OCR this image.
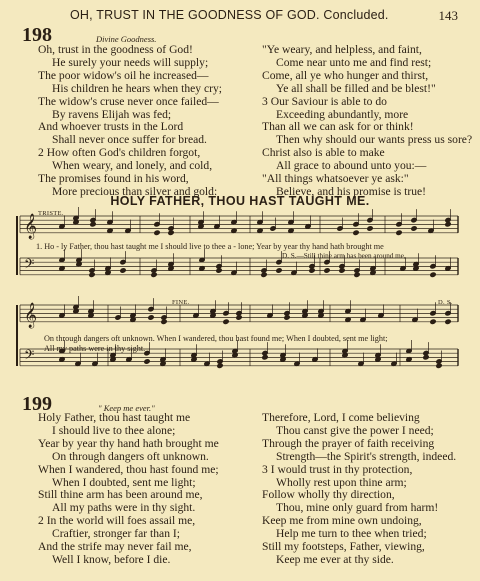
OH, TRUST IN THE GOODNESS OF GOD. Concluded.	143
198	Divine Goodness.
Oh, trust in the goodness of God!
He surely your needs will supply;
The poor widow's oil he increased—
His children he hears when they cry;
The widow's cruse never once failed—
By ravens Elijah was fed;
And whoever trusts in the Lord
Shall never once suffer for bread.
2 How often God's children forgot,
When weary, and lonely, and cold,
The promises found in his word,
More precious than silver and gold:
"Ye weary, and helpless, and faint,
Come near unto me and find rest;
Come, all ye who hunger and thirst,
Ye all shall be filled and be blest!"
3 Our Saviour is able to do
Exceeding abundantly, more
Than all we can ask for or think!
Then why should our wants press us sore?
Christ also is able to make
All grace to abound unto you:—
"All things whatsoever ye ask:"
Believe, and his promise is true!
HOLY FATHER, THOU HAST TAUGHT ME.
𝄞
𝄢
𝄞
𝄢
TRISTE.
FINE.	D. S.
1. Ho - ly Father, thou hast taught me I should live to thee a - lone; Year by year thy hand hath brought me
D. S.—Still thine arm has been around me,
On through dangers oft unknown. When I wandered, thou hast found me; When I doubted, sent me light;
All my paths were in thy sight.
199	" Keep me ever."
Holy Father, thou hast taught me
I should live to thee alone;
Year by year thy hand hath brought me
On through dangers oft unknown.
When I wandered, thou hast found me;
When I doubted, sent me light;
Still thine arm has been around me,
All my paths were in thy sight.
2 In the world will foes assail me,
Craftier, stronger far than I;
And the strife may never fail me,
Well I know, before I die.
Therefore, Lord, I come believing
Thou canst give the power I need;
Through the prayer of faith receiving
Strength—the Spirit's strength, indeed.
3 I would trust in thy protection,
Wholly rest upon thine arm;
Follow wholly thy direction,
Thou, mine only guard from harm!
Keep me from mine own undoing,
Help me turn to thee when tried;
Still my footsteps, Father, viewing,
Keep me ever at thy side.
